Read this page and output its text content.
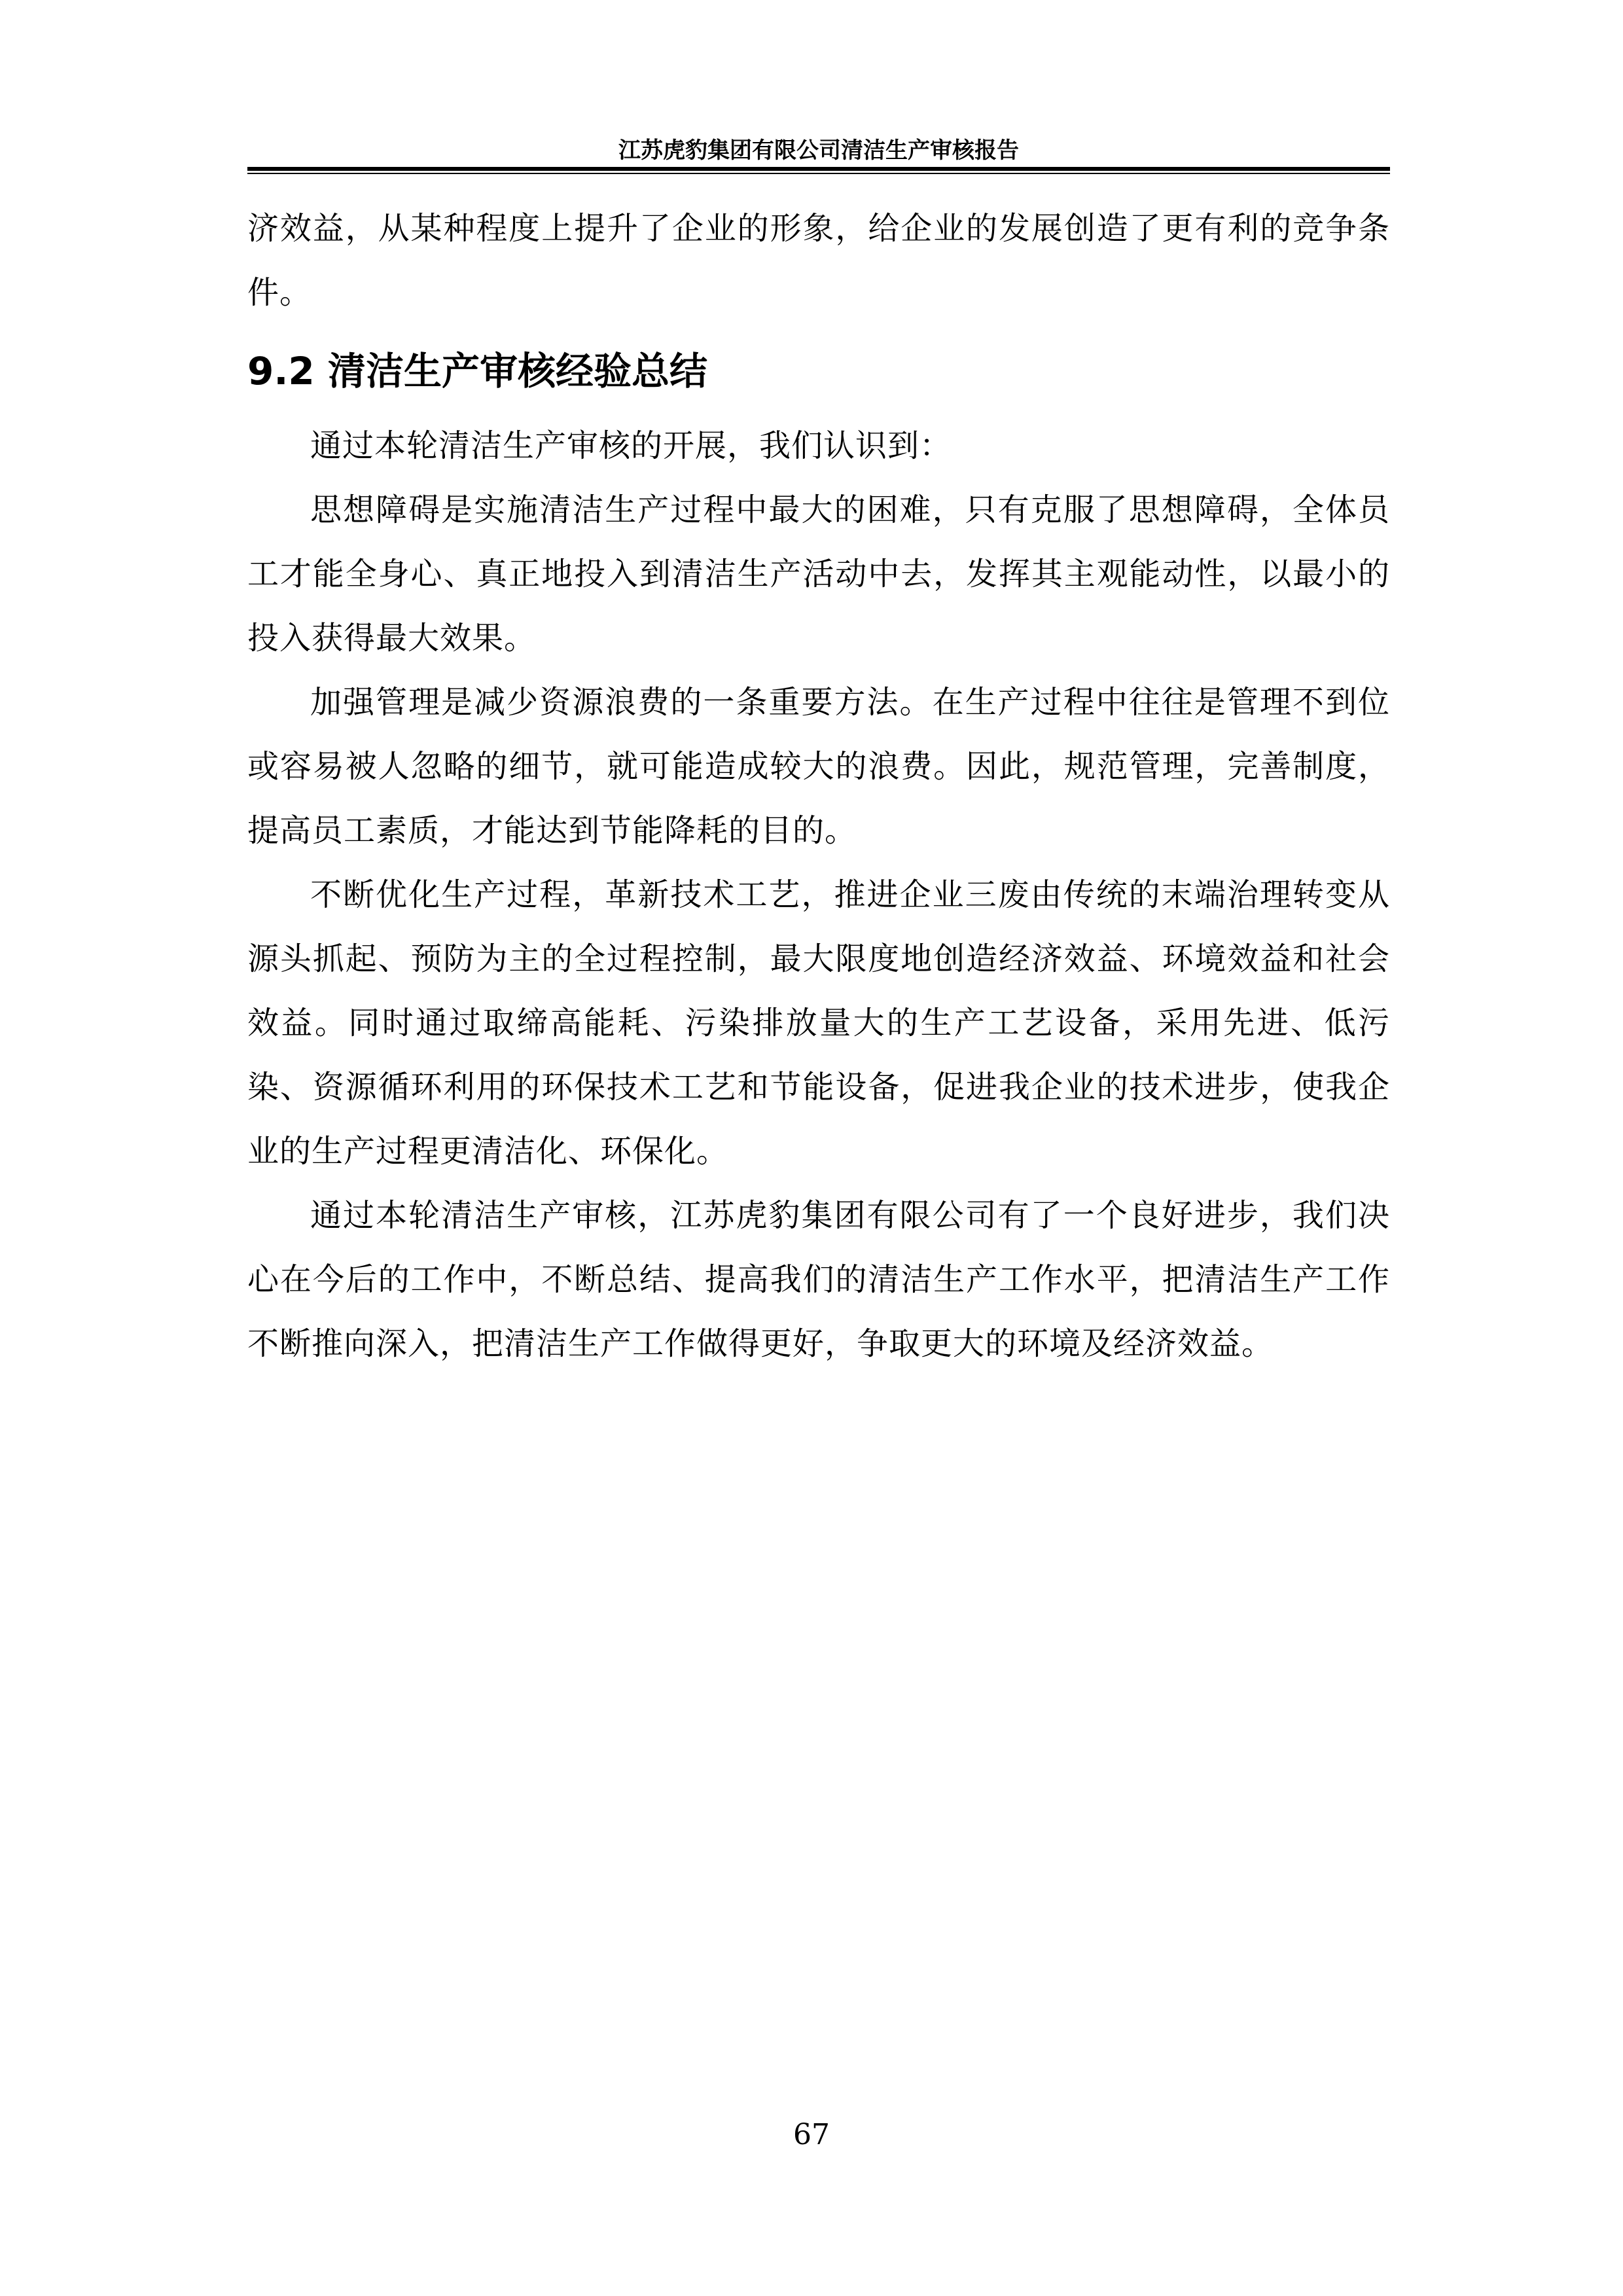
江苏虎豹集团有限公司清洁生产审核报告

济效益，从某种程度上提升了企业的形象，给企业的发展创造了更有利的竞争条件。

9.2 清洁生产审核经验总结

通过本轮清洁生产审核的开展，我们认识到：

思想障碍是实施清洁生产过程中最大的困难，只有克服了思想障碍，全体员工才能全身心、真正地投入到清洁生产活动中去，发挥其主观能动性，以最小的投入获得最大效果。

加强管理是减少资源浪费的一条重要方法。在生产过程中往往是管理不到位或容易被人忽略的细节，就可能造成较大的浪费。因此，规范管理，完善制度，提高员工素质，才能达到节能降耗的目的。

不断优化生产过程，革新技术工艺，推进企业三废由传统的末端治理转变从源头抓起、预防为主的全过程控制，最大限度地创造经济效益、环境效益和社会效益。同时通过取缔高能耗、污染排放量大的生产工艺设备，采用先进、低污染、资源循环利用的环保技术工艺和节能设备，促进我企业的技术进步，使我企业的生产过程更清洁化、环保化。

通过本轮清洁生产审核，江苏虎豹集团有限公司有了一个良好进步，我们决心在今后的工作中，不断总结、提高我们的清洁生产工作水平，把清洁生产工作不断推向深入，把清洁生产工作做得更好，争取更大的环境及经济效益。

67
